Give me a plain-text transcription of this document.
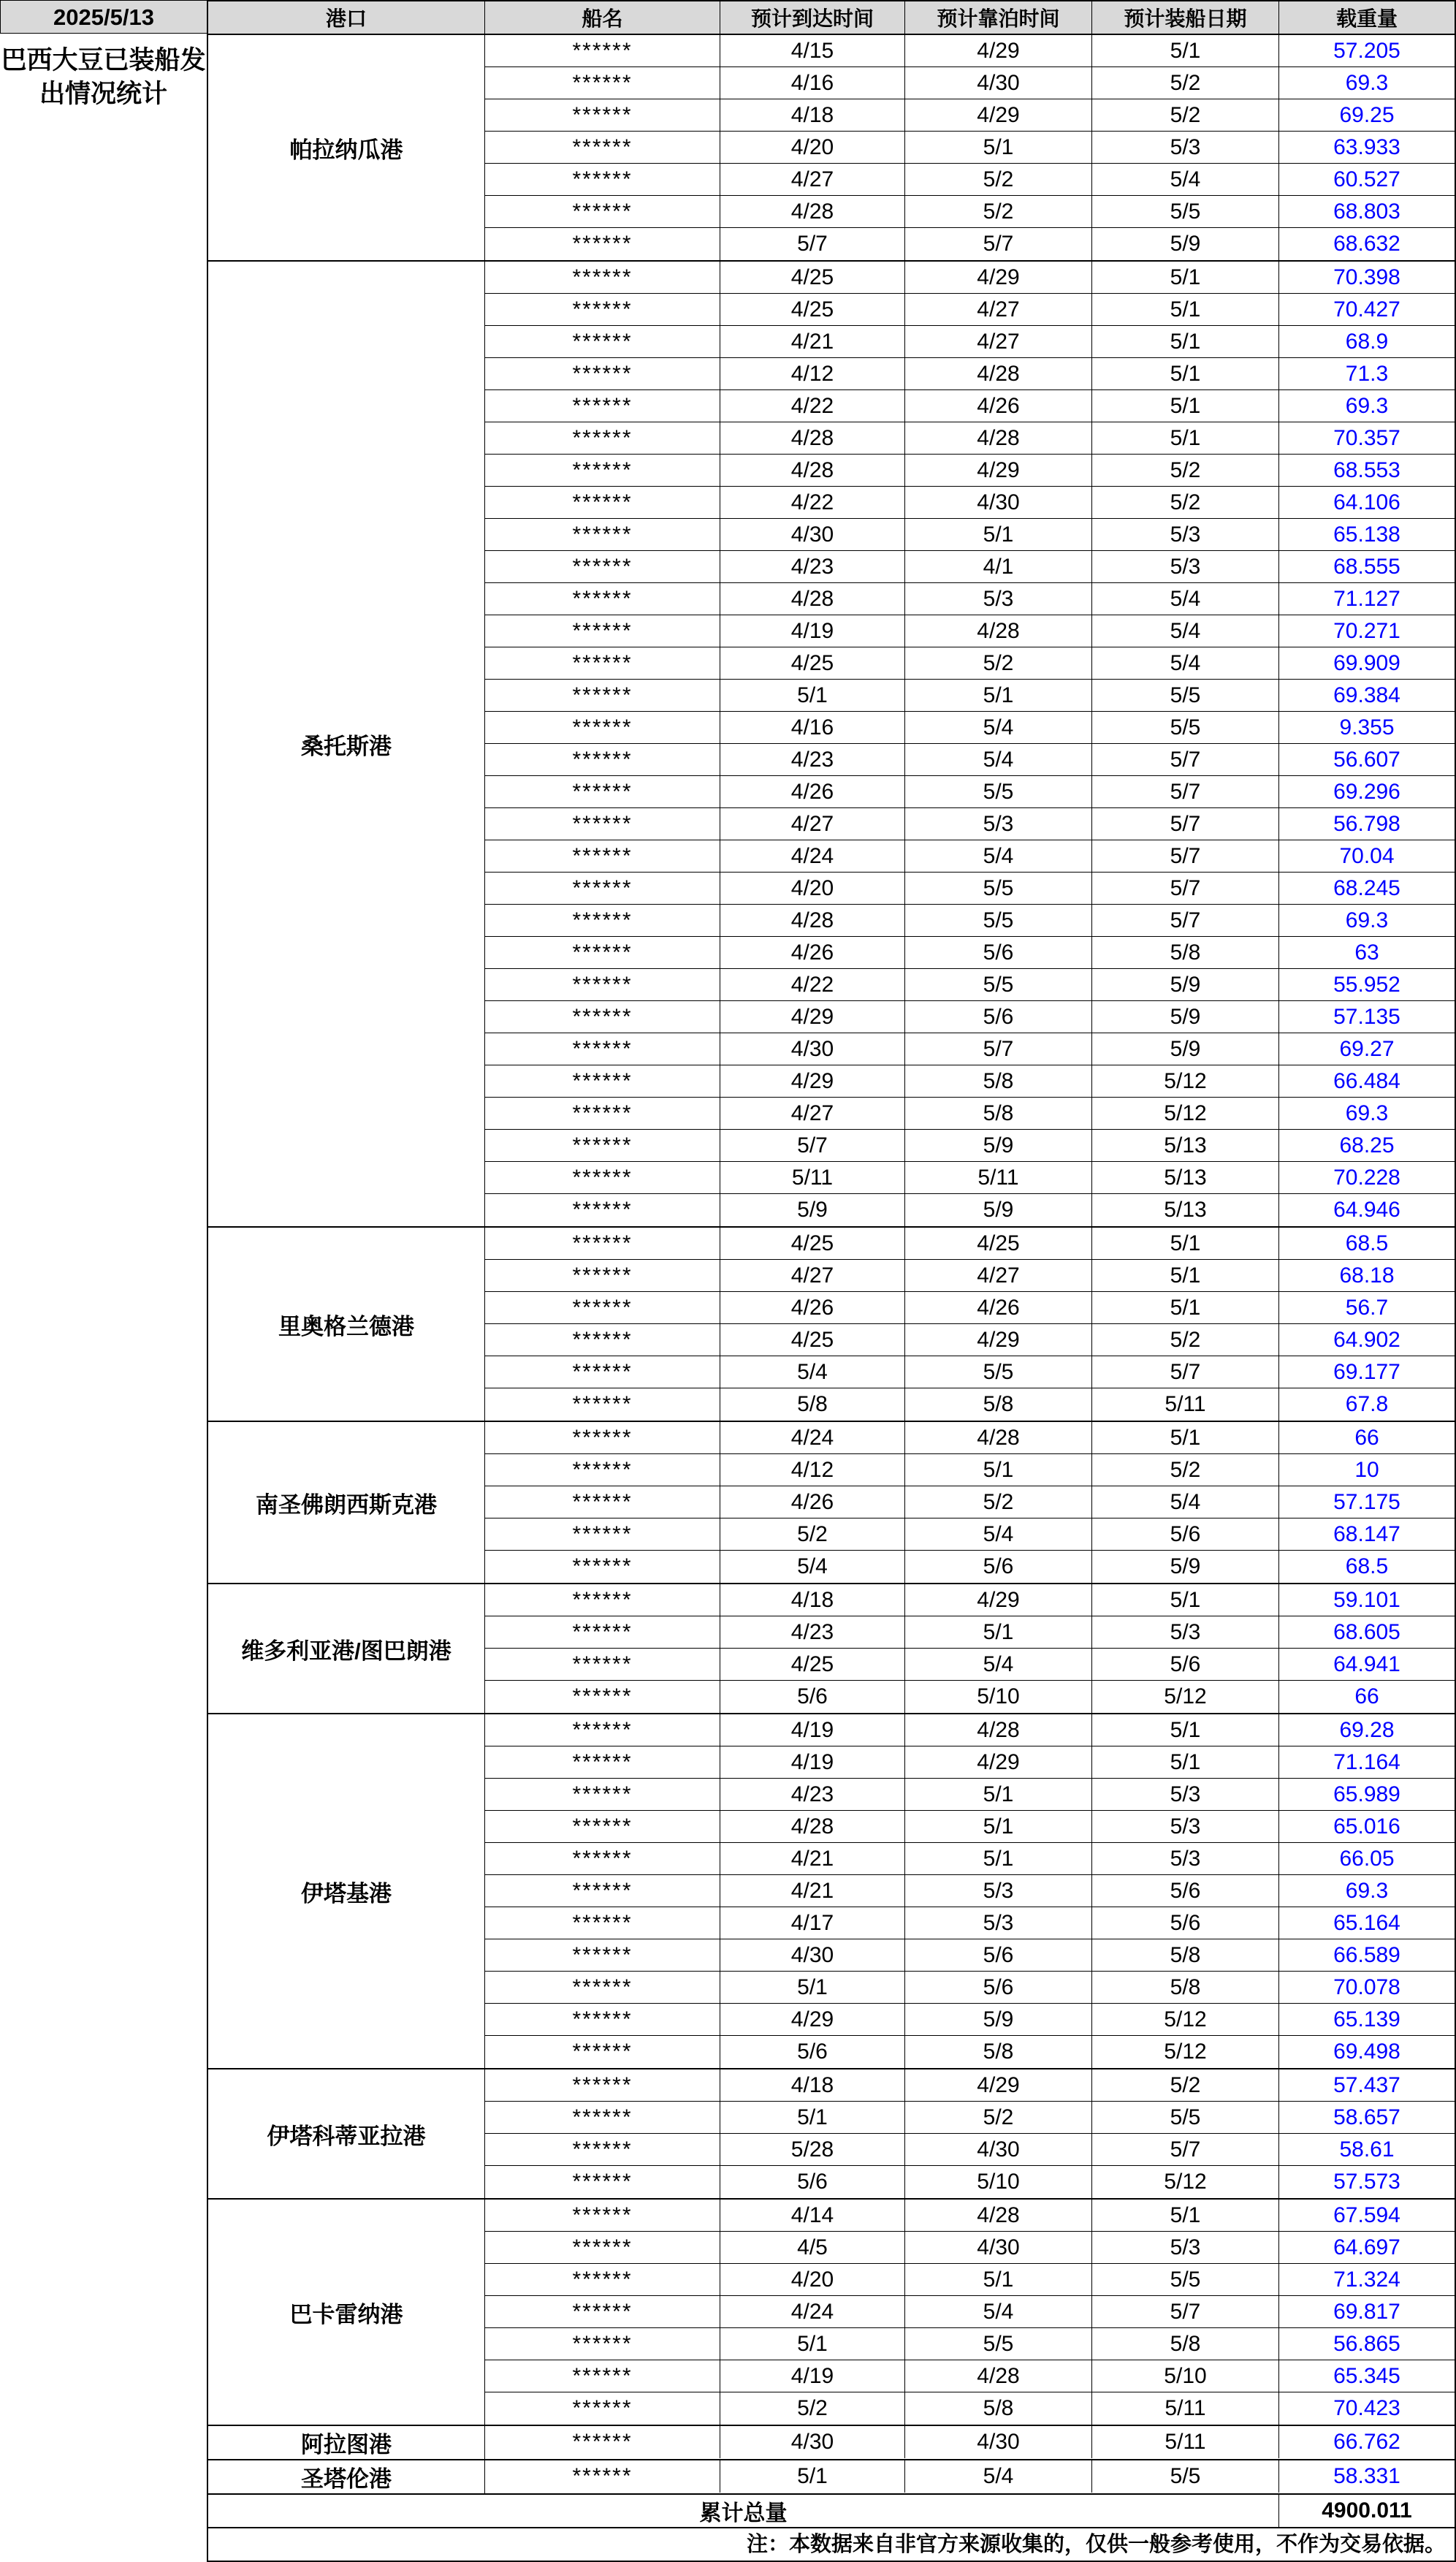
2025/5/13
巴西大豆已装船发
出情况统计
港口	船名	预计到达时间	预计靠泊时间	预计装船日期	载重量
帕拉纳瓜港
******	4/15	4/29	5/1	57.205
******	4/16	4/30	5/2	69.3
******	4/18	4/29	5/2	69.25
******	4/20	5/1	5/3	63.933
******	4/27	5/2	5/4	60.527
******	4/28	5/2	5/5	68.803
******	5/7	5/7	5/9	68.632
桑托斯港
******	4/25	4/29	5/1	70.398
******	4/25	4/27	5/1	70.427
******	4/21	4/27	5/1	68.9
******	4/12	4/28	5/1	71.3
******	4/22	4/26	5/1	69.3
******	4/28	4/28	5/1	70.357
******	4/28	4/29	5/2	68.553
******	4/22	4/30	5/2	64.106
******	4/30	5/1	5/3	65.138
******	4/23	4/1	5/3	68.555
******	4/28	5/3	5/4	71.127
******	4/19	4/28	5/4	70.271
******	4/25	5/2	5/4	69.909
******	5/1	5/1	5/5	69.384
******	4/16	5/4	5/5	9.355
******	4/23	5/4	5/7	56.607
******	4/26	5/5	5/7	69.296
******	4/27	5/3	5/7	56.798
******	4/24	5/4	5/7	70.04
******	4/20	5/5	5/7	68.245
******	4/28	5/5	5/7	69.3
******	4/26	5/6	5/8	63
******	4/22	5/5	5/9	55.952
******	4/29	5/6	5/9	57.135
******	4/30	5/7	5/9	69.27
******	4/29	5/8	5/12	66.484
******	4/27	5/8	5/12	69.3
******	5/7	5/9	5/13	68.25
******	5/11	5/11	5/13	70.228
******	5/9	5/9	5/13	64.946
里奥格兰德港
******	4/25	4/25	5/1	68.5
******	4/27	4/27	5/1	68.18
******	4/26	4/26	5/1	56.7
******	4/25	4/29	5/2	64.902
******	5/4	5/5	5/7	69.177
******	5/8	5/8	5/11	67.8
南圣佛朗西斯克港
******	4/24	4/28	5/1	66
******	4/12	5/1	5/2	10
******	4/26	5/2	5/4	57.175
******	5/2	5/4	5/6	68.147
******	5/4	5/6	5/9	68.5
维多利亚港/图巴朗港
******	4/18	4/29	5/1	59.101
******	4/23	5/1	5/3	68.605
******	4/25	5/4	5/6	64.941
******	5/6	5/10	5/12	66
伊塔基港
******	4/19	4/28	5/1	69.28
******	4/19	4/29	5/1	71.164
******	4/23	5/1	5/3	65.989
******	4/28	5/1	5/3	65.016
******	4/21	5/1	5/3	66.05
******	4/21	5/3	5/6	69.3
******	4/17	5/3	5/6	65.164
******	4/30	5/6	5/8	66.589
******	5/1	5/6	5/8	70.078
******	4/29	5/9	5/12	65.139
******	5/6	5/8	5/12	69.498
伊塔科蒂亚拉港
******	4/18	4/29	5/2	57.437
******	5/1	5/2	5/5	58.657
******	5/28	4/30	5/7	58.61
******	5/6	5/10	5/12	57.573
巴卡雷纳港
******	4/14	4/28	5/1	67.594
******	4/5	4/30	5/3	64.697
******	4/20	5/1	5/5	71.324
******	4/24	5/4	5/7	69.817
******	5/1	5/5	5/8	56.865
******	4/19	4/28	5/10	65.345
******	5/2	5/8	5/11	70.423
阿拉图港	******	4/30	4/30	5/11	66.762
圣塔伦港	******	5/1	5/4	5/5	58.331
累计总量	4900.011
注：本数据来自非官方来源收集的，仅供一般参考使用，不作为交易依据。
